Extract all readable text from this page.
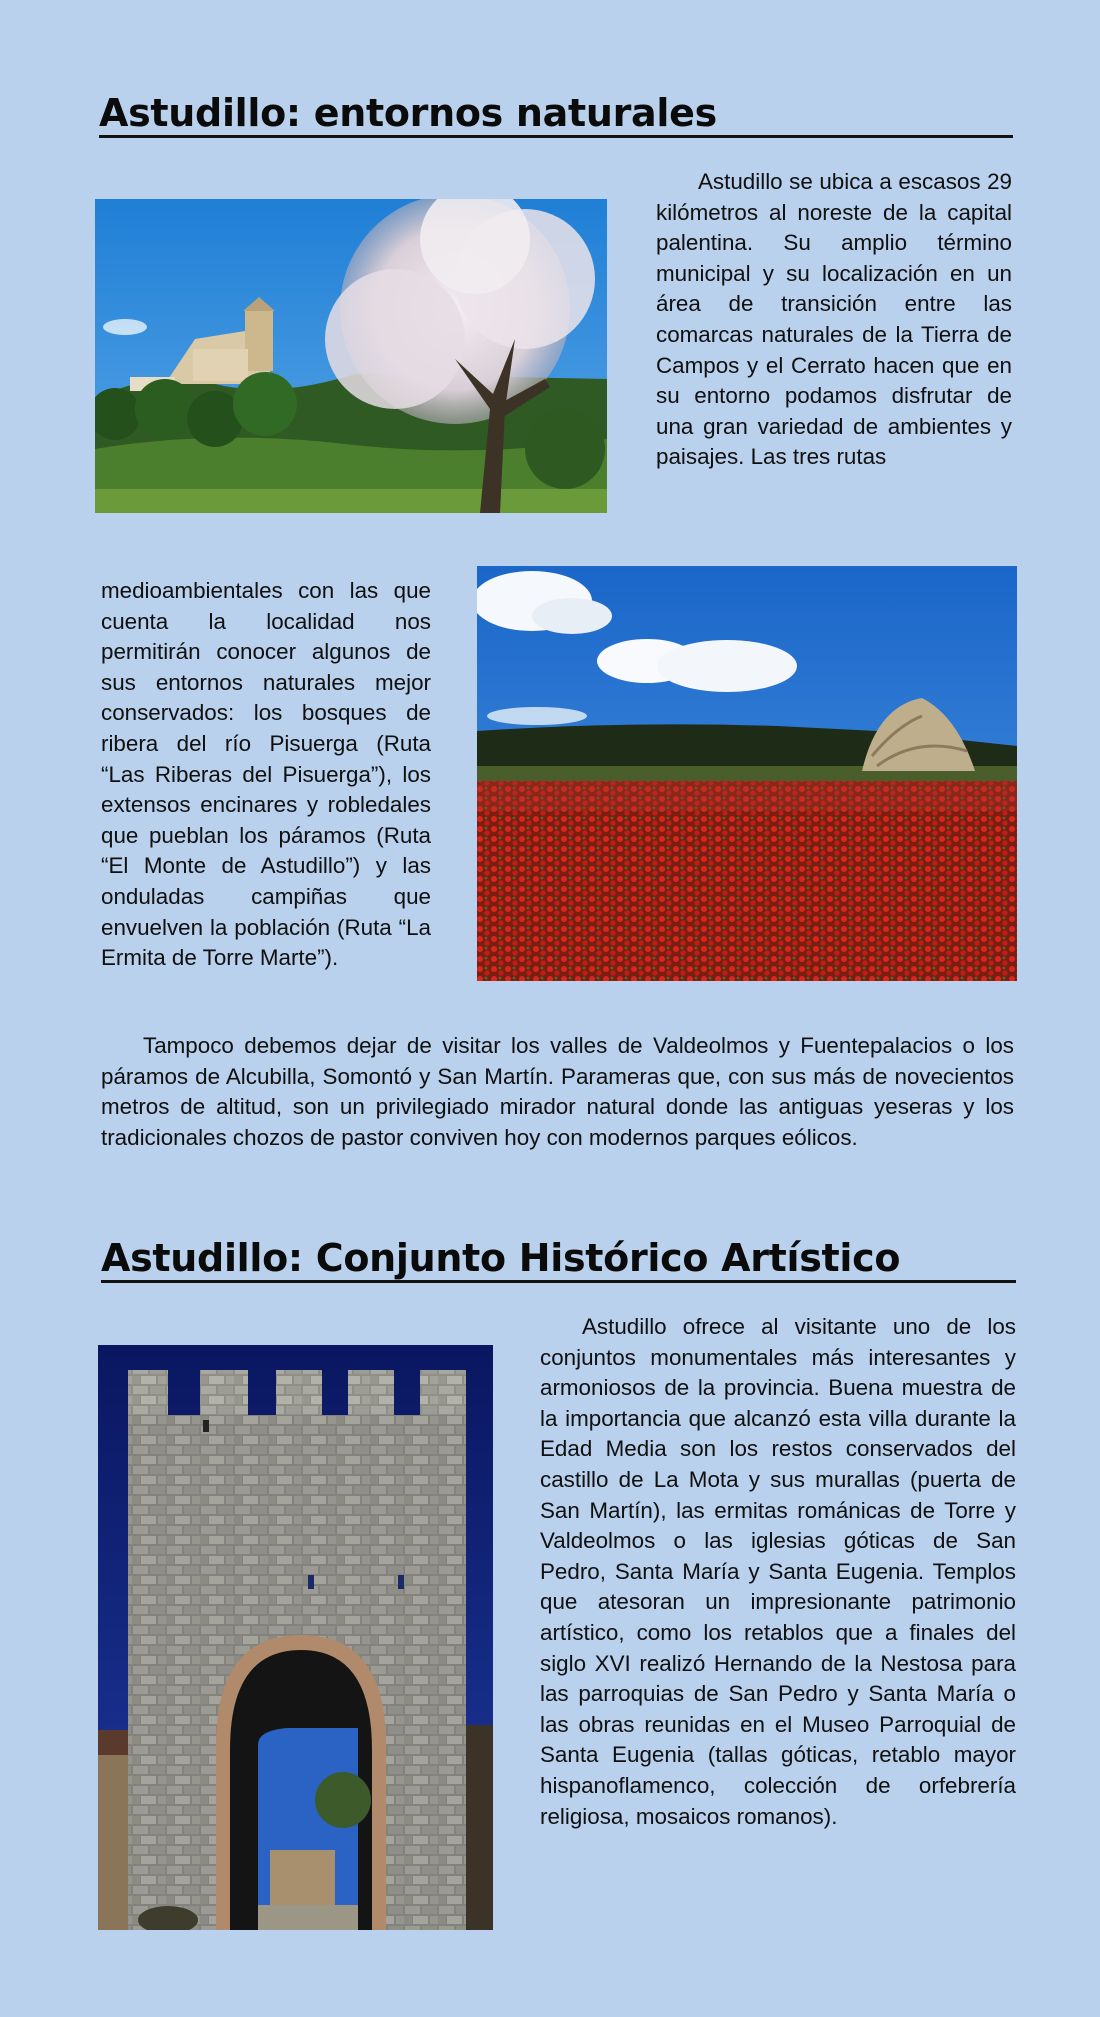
Astudillo: entornos naturales

Astudillo se ubica a escasos 29 kilómetros al noreste de la capital palentina. Su amplio término municipal y su localización en un área de transición entre las comarcas naturales de la Tierra de Campos y el Cerrato hacen que en su entorno podamos disfrutar de una gran variedad de ambientes y paisajes. Las tres rutas

medioambientales con las que cuenta la localidad nos permitirán conocer algunos de sus entornos naturales mejor conservados: los bosques de ribera del río Pisuerga (Ruta “Las Riberas del Pisuerga”), los extensos encinares y robledales que pueblan los páramos (Ruta “El Monte de Astudillo”) y las onduladas campiñas que envuelven la población (Ruta “La Ermita de Torre Marte”).

Tampoco debemos dejar de visitar los valles de Valdeolmos y Fuentepalacios o los páramos de Alcubilla, Somontó y San Martín. Parameras que, con sus más de novecientos metros de altitud, son un privilegiado mirador natural donde las antiguas yeseras y los tradicionales chozos de pastor conviven hoy con modernos parques eólicos.

Astudillo: Conjunto Histórico Artístico

Astudillo ofrece al visitante uno de los conjuntos monumentales más interesantes y armoniosos de la provincia. Buena muestra de la importancia que alcanzó esta villa durante la Edad Media son los restos conservados del castillo de La Mota y sus murallas (puerta de San Martín), las ermitas románicas de Torre y Valdeolmos o las iglesias góticas de San Pedro, Santa María y Santa Eugenia. Templos que atesoran un impresionante patrimonio artístico, como los retablos que a finales del siglo XVI realizó Hernando de la Nestosa para las parroquias de San Pedro y Santa María o las obras reunidas en el Museo Parroquial de Santa Eugenia (tallas góticas, retablo mayor hispanoflamenco, colección de orfebrería religiosa, mosaicos romanos).
